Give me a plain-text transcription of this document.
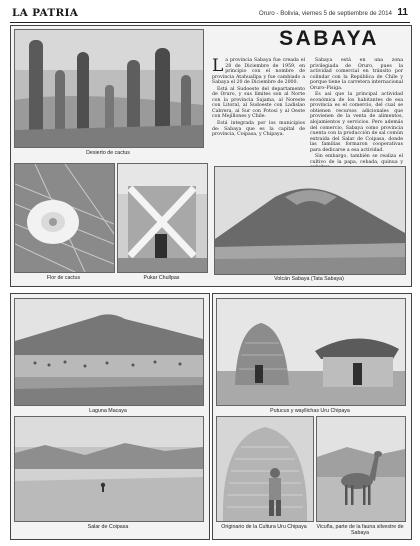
LA PATRIA	Oruro - Bolivia, viernes 5 de septiembre de 2014 11
Desierto de cactus
SABAYA

La provincia Sabaya fue creada el 28 de Diciembre de 1959, en principio con el nombre de provincia Atahuallpa y fue cambiado a Sabaya el 20 de Diciembre de 2000.

Está al Sudoeste del departamento de Oruro, y sus límites son al Norte con la provincia Sajama, al Noreste con Litoral, al Sudoeste con Ladislao Cabrera, al Sur con Potosí y al Oeste con Mejillones y Chile.

Está integrada por los municipios de: Sabaya que es la capital de provincia, Coipasa, y Chipaya.

Sabaya está en una zona privilegiada de Oruro, pues la actividad comercial en tránsito por colindar con la República de Chile y porque tiene la carretera internacional Oruro–Pisiga.

Es así que la principal actividad económica de los habitantes de esa provincia es el comercio, del cual se obtienen recursos adicionales que provienen de la venta de alimentos, alojamientos y servicios. Pero además del comercio, Sabaya como provincia cuenta con la producción de sal común extraída del Salar de Coipasa, donde las familias formaron cooperativas para dedicarse a esa actividad.

Sin embargo, también se realiza el cultivo de la papa, cebada, quinua y

Flor de cactus	Pukar Chullpas	Volcán Sabaya (Tata Sabaya)
Laguna Macaya
Salar de Coipasa
Putucus y wayllichas Uru Chipaya
Originario de la Cultura Uru Chipaya	Vicuña, parte de la fauna silvestre de Sabaya
